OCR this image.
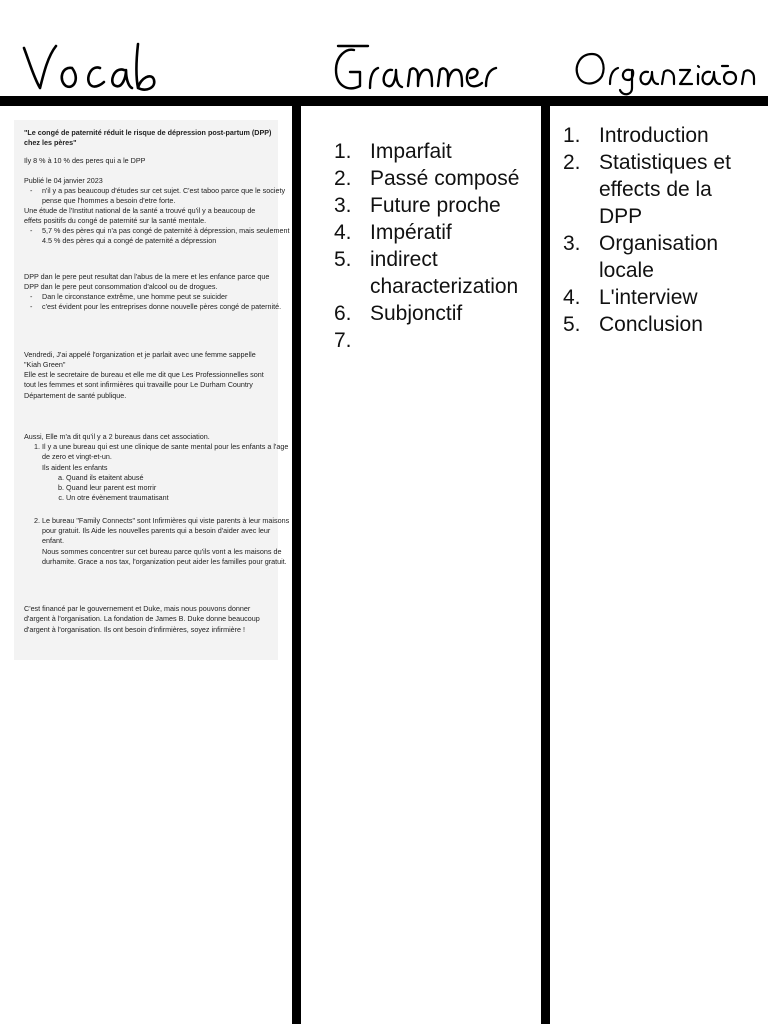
"Le congé de paternité réduit le risque de dépression post-partum (DPP) chez les pères"
Ily 8 % à 10 % des peres qui a le DPP
Publié le 04 janvier 2023
- n'il y a pas beaucoup d'études sur cet sujet. C'est taboo parce que le society pense que l'hommes a besoin d'etre forte.
Une étude de l'Institut national de la santé a trouvé qu'il y a beaucoup de effets positifs du congé de paternité sur la santé mentale.
- 5,7 % des pères qui n'a pas congé de paternité à dépression, mais seulement 4.5 % des pères qui a congé de paternité a dépression
DPP dan le pere peut resultat dan l'abus de la mere et les enfance parce que DPP dan le pere peut consommation d'alcool ou de drogues.
- Dan le circonstance extrême, une homme peut se suicider
- c'est évident pour les entreprises donne nouvelle pères congé de paternité.
Vendredi, J'ai appelé l'organization et je parlait avec une femme sappelle "Kiah Green"
Elle est le secretaire de bureau et elle me dit que Les Professionnelles sont tout les femmes et sont infirmières qui travaille pour Le Durham Country Département de santé publique.
Aussi, Elle m'a dit qu'il y a 2 bureaus dans cet association.
1. Il y a une bureau qui est une clinique de sante mental pour les enfants a l'age de zero et vingt-et-un.
Ils aident les enfants
a. Quand ils etaitent abusé
b. Quand leur parent est morrir
c. Un otre évènement traumatisant
2. Le bureau "Family Connects" sont Infirmières qui viste parents à leur maisons pour gratuit. Ils Aide les nouvelles parents qui a besoin d'aider avec leur enfant.
Nous sommes concentrer sur cet bureau parce qu'ils vont a les maisons de durhamite. Grace a nos tax, l'organization peut aider les familles pour gratuit.
C'est financé par le gouvernement et Duke, mais nous pouvons donner d'argent à l'organisation. La fondation de James B. Duke donne beaucoup d'argent à l'organisation. Ils ont besoin d'infirmières, soyez infirmière !
1. Imparfait
2. Passé composé
3. Future proche
4. Impératif
5. indirect characterization
6. Subjonctif
7.
1. Introduction
2. Statistiques et effects de la DPP
3. Organisation locale
4. L'interview
5. Conclusion
